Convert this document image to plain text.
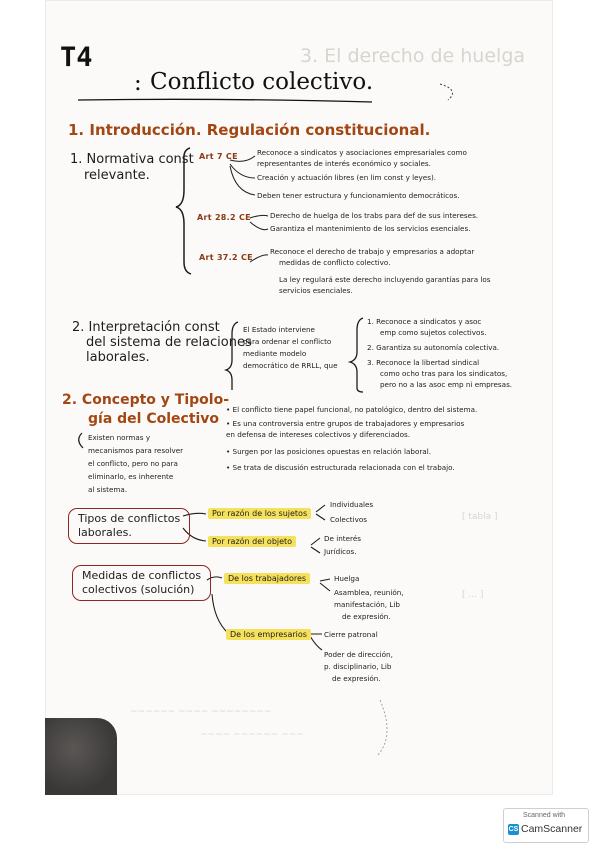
3. El derecho de huelga
[ tabla ]
[ ... ]
T4
: Conflicto colectivo.
1. Introducción. Regulación constitucional.
1. Normativa const
relevante.
Art 7 CE	Reconoce a sindicatos y asociaciones empresariales como
representantes de interés económico y sociales.
Creación y actuación libres (en lim const y leyes).
Deben tener estructura y funcionamiento democráticos.
Art 28.2 CE	Derecho de huelga de los trabs para def de sus intereses.
Garantiza el mantenimiento de los servicios esenciales.
Art 37.2 CE
Reconoce el derecho de trabajo y empresarios a adoptar
medidas de conflicto colectivo.
La ley regulará este derecho incluyendo garantías para los
servicios esenciales.
2. Interpretación const
del sistema de relaciones
laborales.
El Estado interviene
para ordenar el conflicto
mediante modelo
democrático de RRLL, que
1. Reconoce a sindicatos y asoc
emp como sujetos colectivos.
2. Garantiza su autonomía colectiva.
3. Reconoce la libertad sindical
como ocho tras para los sindicatos,
pero no a las asoc emp ni empresas.
2. Concepto y Tipolo-
gía del Colectivo
Existen normas y
mecanismos para resolver
el conflicto, pero no para
eliminarlo, es inherente
al sistema.
• El conflicto tiene papel funcional, no patológico, dentro del sistema.
• Es una controversia entre grupos de trabajadores y empresarios
en defensa de intereses colectivos y diferenciados.
• Surgen por las posiciones opuestas en relación laboral.
• Se trata de discusión estructurada relacionada con el trabajo.
Tipos de conflictos
laborales.
Por razón de los sujetos
Individuales
Colectivos
Por razón del objeto	De interés
Jurídicos.
Medidas de conflictos
colectivos (solución)
De los trabajadores	Huelga
Asamblea, reunión,
manifestación, Lib
de expresión.
De los empresarios	Cierre patronal
Poder de dirección,
p. disciplinario, Lib
de expresión.
~~~~~~ ~~~~ ~~~~~~~~
~~~~ ~~~~~~ ~~~
Scanned with
CS CamScanner
